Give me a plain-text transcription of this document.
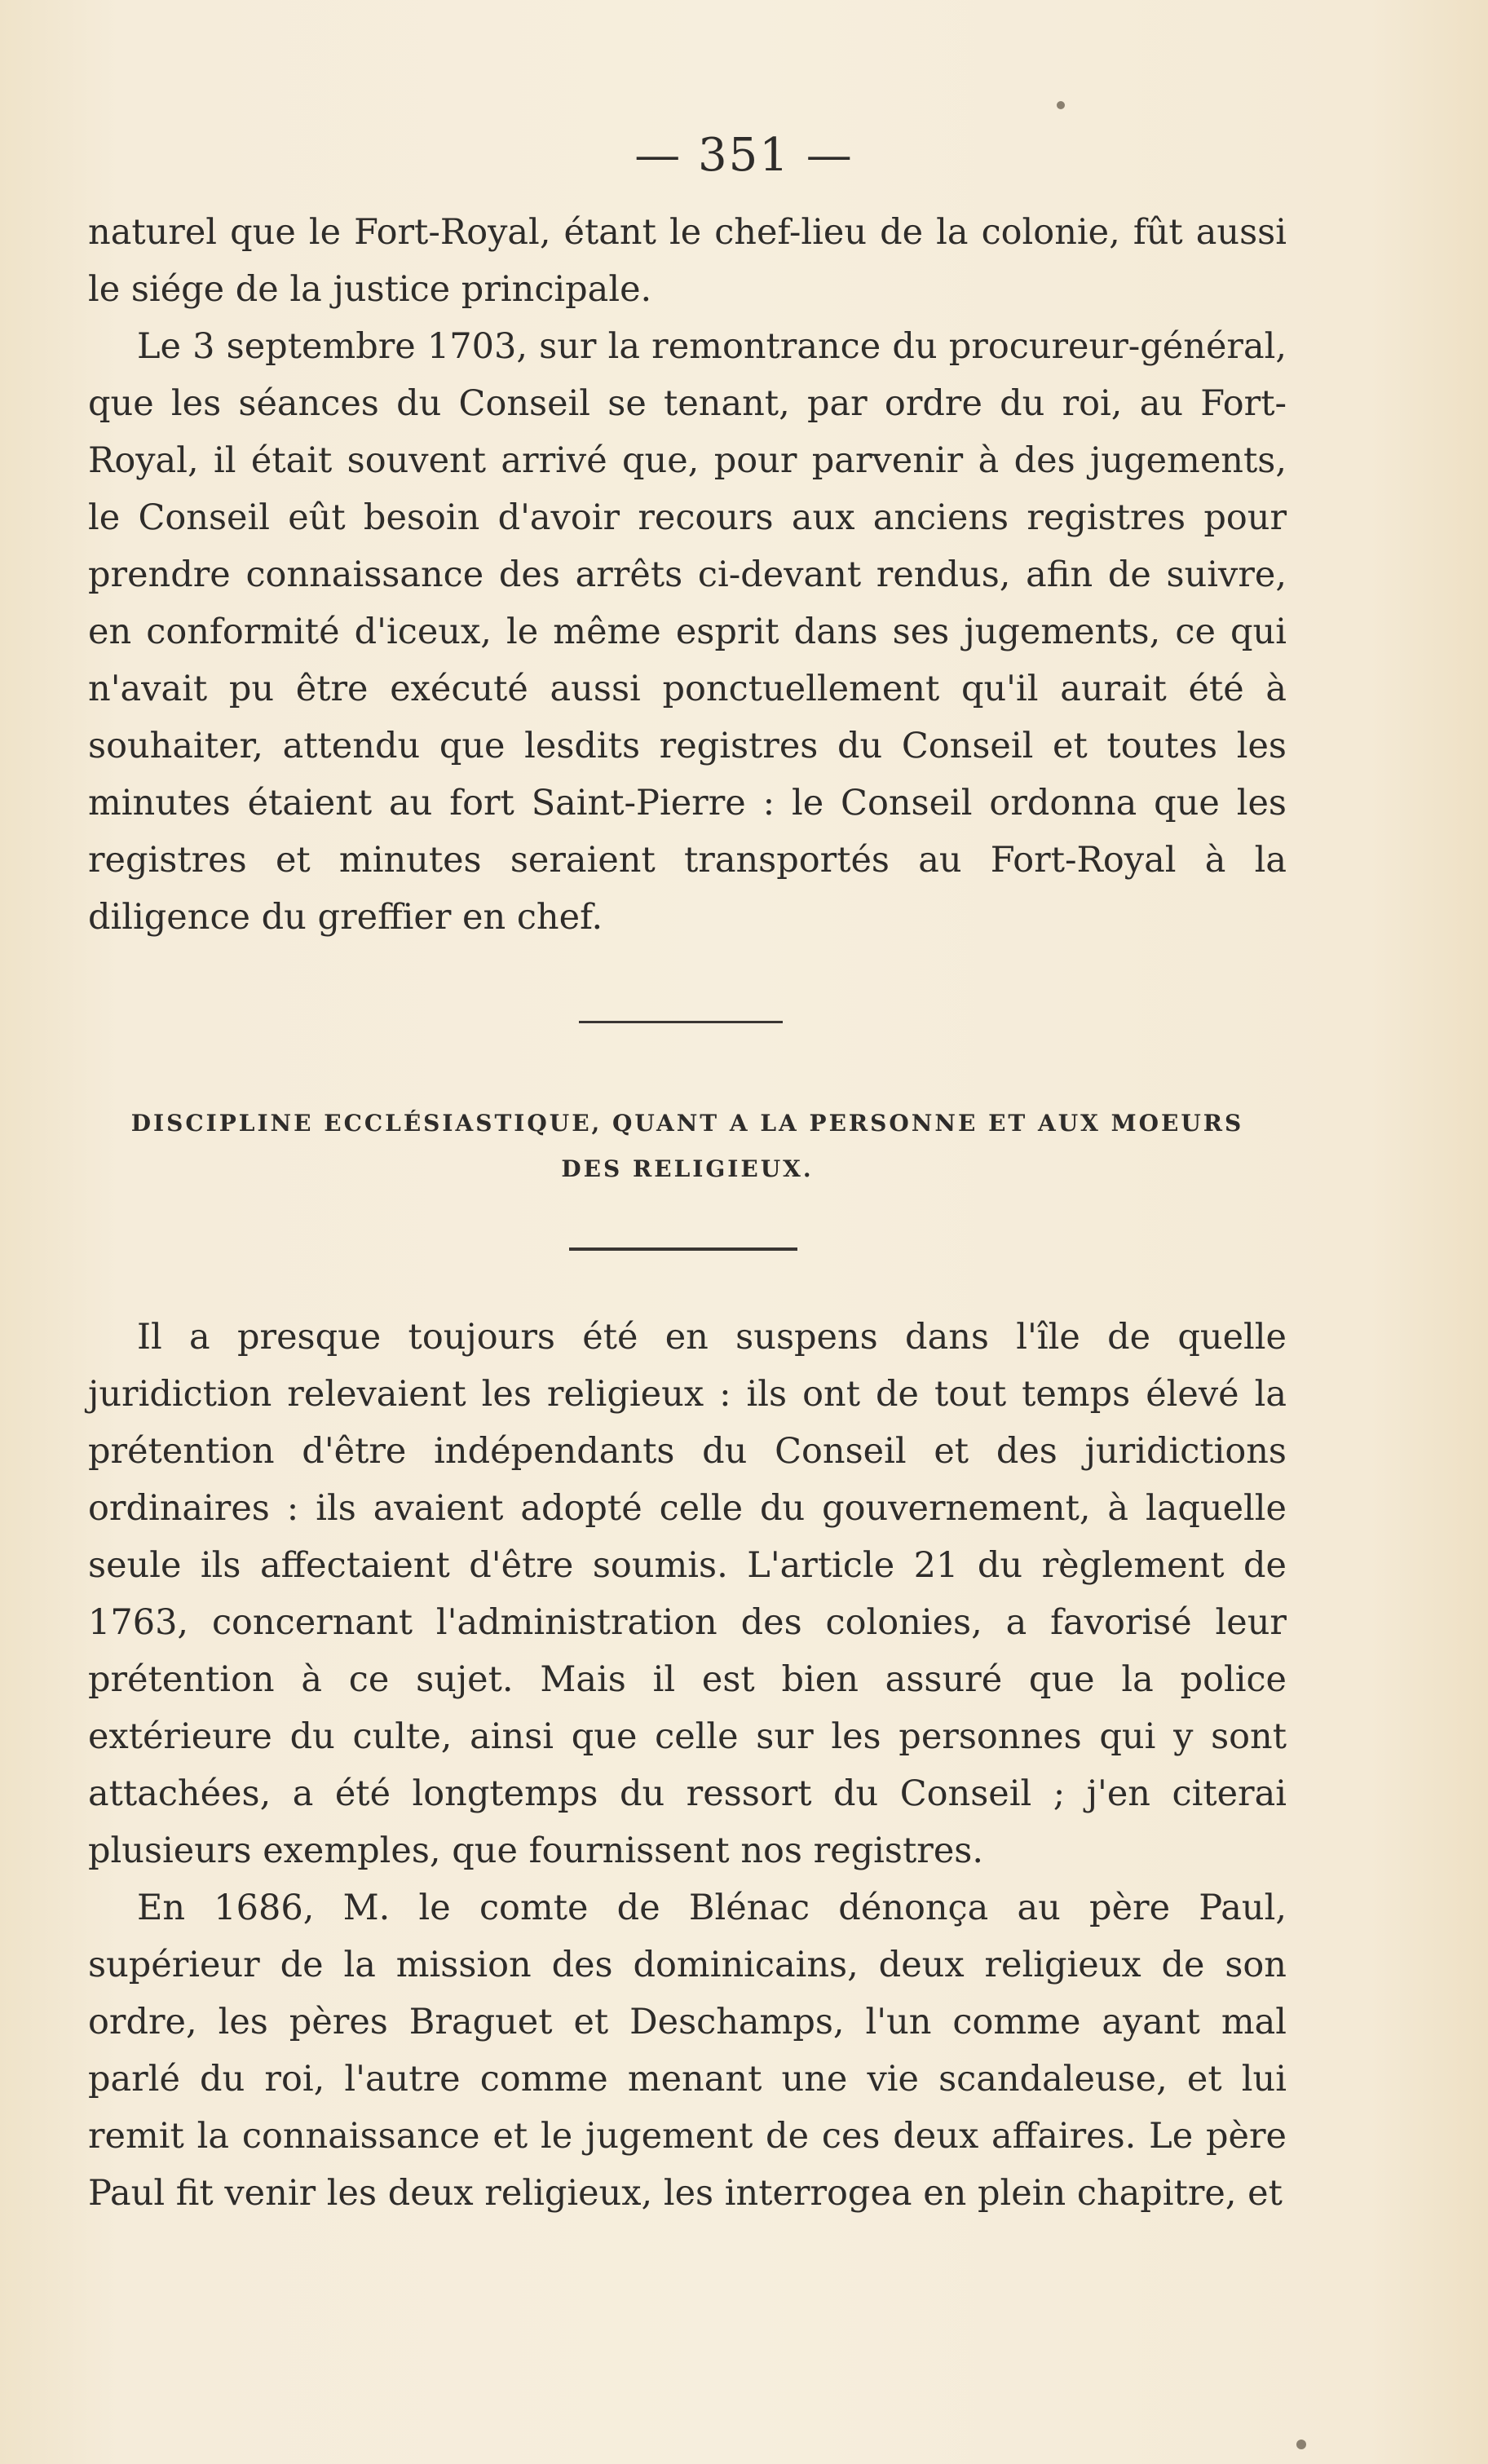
— 351 —

naturel que le Fort-Royal, étant le chef-lieu de la colonie, fût aussi le siége de la justice principale.

Le 3 septembre 1703, sur la remontrance du procureur-général, que les séances du Conseil se tenant, par ordre du roi, au Fort-Royal, il était souvent arrivé que, pour parvenir à des jugements, le Conseil eût besoin d'avoir recours aux anciens registres pour prendre connaissance des arrêts ci-devant rendus, afin de suivre, en conformité d'iceux, le même esprit dans ses jugements, ce qui n'avait pu être exécuté aussi ponctuellement qu'il aurait été à souhaiter, attendu que lesdits registres du Conseil et toutes les minutes étaient au fort Saint-Pierre : le Conseil ordonna que les registres et minutes seraient transportés au Fort-Royal à la diligence du greffier en chef.

DISCIPLINE ECCLÉSIASTIQUE, QUANT A LA PERSONNE ET AUX MOEURS
DES RELIGIEUX.

Il a presque toujours été en suspens dans l'île de quelle juridiction relevaient les religieux : ils ont de tout temps élevé la prétention d'être indépendants du Conseil et des juridictions ordinaires : ils avaient adopté celle du gouvernement, à laquelle seule ils affectaient d'être soumis. L'article 21 du règlement de 1763, concernant l'administration des colonies, a favorisé leur prétention à ce sujet. Mais il est bien assuré que la police extérieure du culte, ainsi que celle sur les personnes qui y sont attachées, a été longtemps du ressort du Conseil ; j'en citerai plusieurs exemples, que fournissent nos registres.

En 1686, M. le comte de Blénac dénonça au père Paul, supérieur de la mission des dominicains, deux religieux de son ordre, les pères Braguet et Deschamps, l'un comme ayant mal parlé du roi, l'autre comme menant une vie scandaleuse, et lui remit la connaissance et le jugement de ces deux affaires. Le père Paul fit venir les deux religieux, les interrogea en plein chapitre, et
